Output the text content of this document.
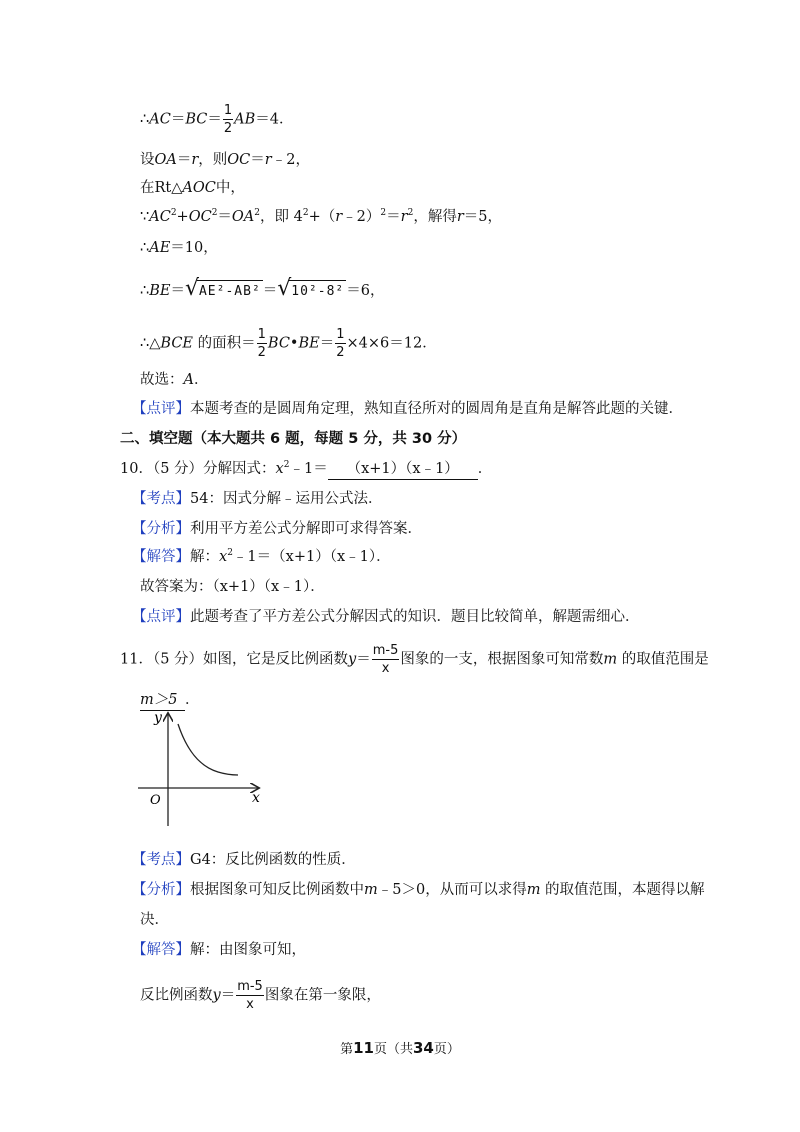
∴AC＝BC＝ $\frac{1}{2} AB=4$．
设OA＝r，则OC＝r﹣2，
在Rt△AOC中，
$\because AC^2+OC^2=OA^2$，即 $4^2+(r﹣2)^2=r^2$，解得r＝5，
∴AE＝10，
∴BE＝ √ AE²-AB² ＝ √ 10²-8² ＝6，
∴△BCE 的面积＝ $\frac{1}{2}$ BC•BE＝ $\frac{1}{2} \times 4\times 6=12$．
故选：A．
【点评】本题考查的是圆周角定理，熟知直径所对的圆周角是直角是解答此题的关键．
二、填空题（本大题共 6 题，每题 5 分，共 30 分）
10．（5 分）分解因式：$x^2﹣1=$ （x+1）（x﹣1） ．
【考点】54：因式分解﹣运用公式法．
【分析】利用平方差公式分解即可求得答案．
【解答】解：$x^2﹣1=(x+1)(x﹣1)$．
故答案为：（x+1）（x﹣1）．
【点评】此题考查了平方差公式分解因式的知识．题目比较简单，解题需细心．
11．（5 分）如图，它是反比例函数$y= \frac{m-5}{x}$ 图象的一支，根据图象可知常数m 的取值范围是
m＞5 ．
y
x
O
【考点】G4：反比例函数的性质．
【分析】根据图象可知反比例函数中m﹣5＞0，从而可以求得m 的取值范围，本题得以解
决．
【解答】解：由图象可知，
反比例函数$y= \frac{m-5}{x}$ 图象在第一象限，
第11页（共34页）
